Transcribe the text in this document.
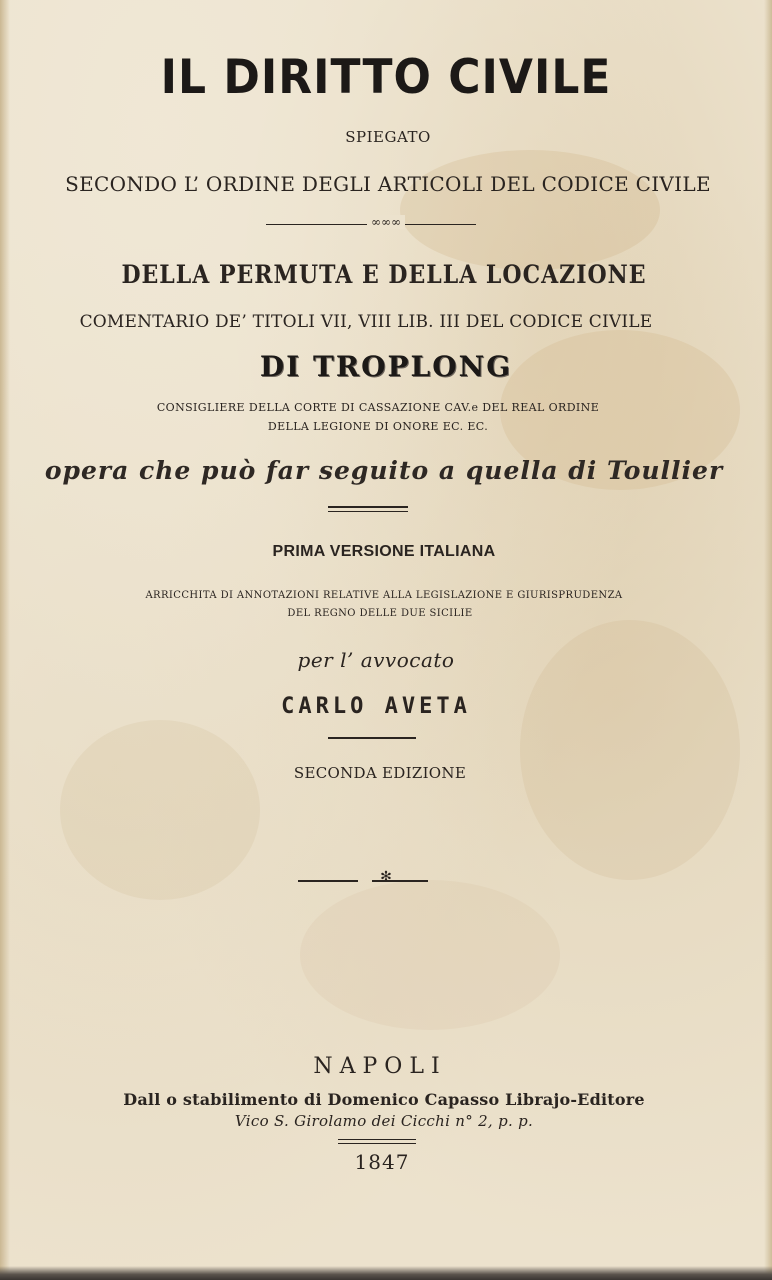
IL DIRITTO CIVILE
SPIEGATO
SECONDO L’ ORDINE DEGLI ARTICOLI DEL CODICE CIVILE
∞∞∞
DELLA PERMUTA E DELLA LOCAZIONE
COMENTARIO DE’ TITOLI VII, VIII LIB. III DEL CODICE CIVILE
DI TROPLONG
CONSIGLIERE DELLA CORTE DI CASSAZIONE CAV.e DEL REAL ORDINE
DELLA LEGIONE DI ONORE EC. EC.
opera che può far seguito a quella di Toullier
PRIMA VERSIONE ITALIANA
ARRICCHITA DI ANNOTAZIONI RELATIVE ALLA LEGISLAZIONE E GIURISPRUDENZA
DEL REGNO DELLE DUE SICILIE
per l’ avvocato
CARLO AVETA
SECONDA EDIZIONE
✻
NAPOLI
Dall o stabilimento di Domenico Capasso Librajo-Editore
Vico S. Girolamo dei Cicchi n° 2, p. p.
1847
